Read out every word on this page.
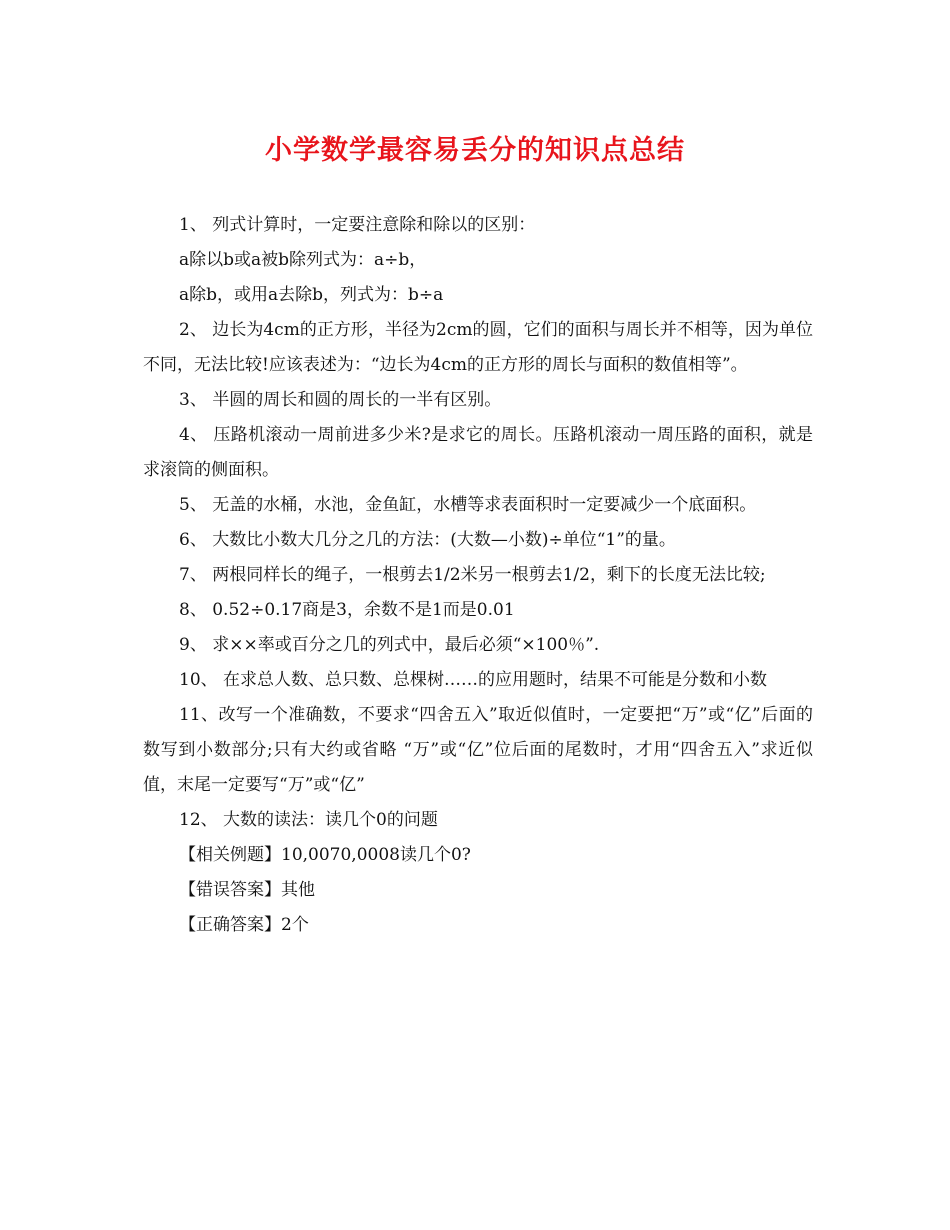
小学数学最容易丢分的知识点总结

1、 列式计算时，一定要注意除和除以的区别：

a除以b或a被b除列式为：a÷b，

a除b，或用a去除b，列式为：b÷a

2、 边长为4cm的正方形，半径为2cm的圆，它们的面积与周长并不相等，因为单位不同，无法比较!应该表述为：“边长为4cm的正方形的周长与面积的数值相等”。

3、 半圆的周长和圆的周长的一半有区别。

4、 压路机滚动一周前进多少米?是求它的周长。压路机滚动一周压路的面积，就是求滚筒的侧面积。

5、 无盖的水桶，水池，金鱼缸，水槽等求表面积时一定要减少一个底面积。

6、 大数比小数大几分之几的方法：(大数—小数)÷单位“1”的量。

7、 两根同样长的绳子，一根剪去1/2米另一根剪去1/2，剩下的长度无法比较;

8、 0.52÷0.17商是3，余数不是1而是0.01

9、 求××率或百分之几的列式中，最后必须“×100％”.

10、 在求总人数、总只数、总棵树……的应用题时，结果不可能是分数和小数

11、改写一个准确数，不要求“四舍五入”取近似值时，一定要把“万”或“亿”后面的数写到小数部分;只有大约或省略 “万”或“亿”位后面的尾数时，才用“四舍五入”求近似值，末尾一定要写“万”或“亿”

12、 大数的读法：读几个0的问题

【相关例题】10,0070,0008读几个0?

【错误答案】其他

【正确答案】2个
